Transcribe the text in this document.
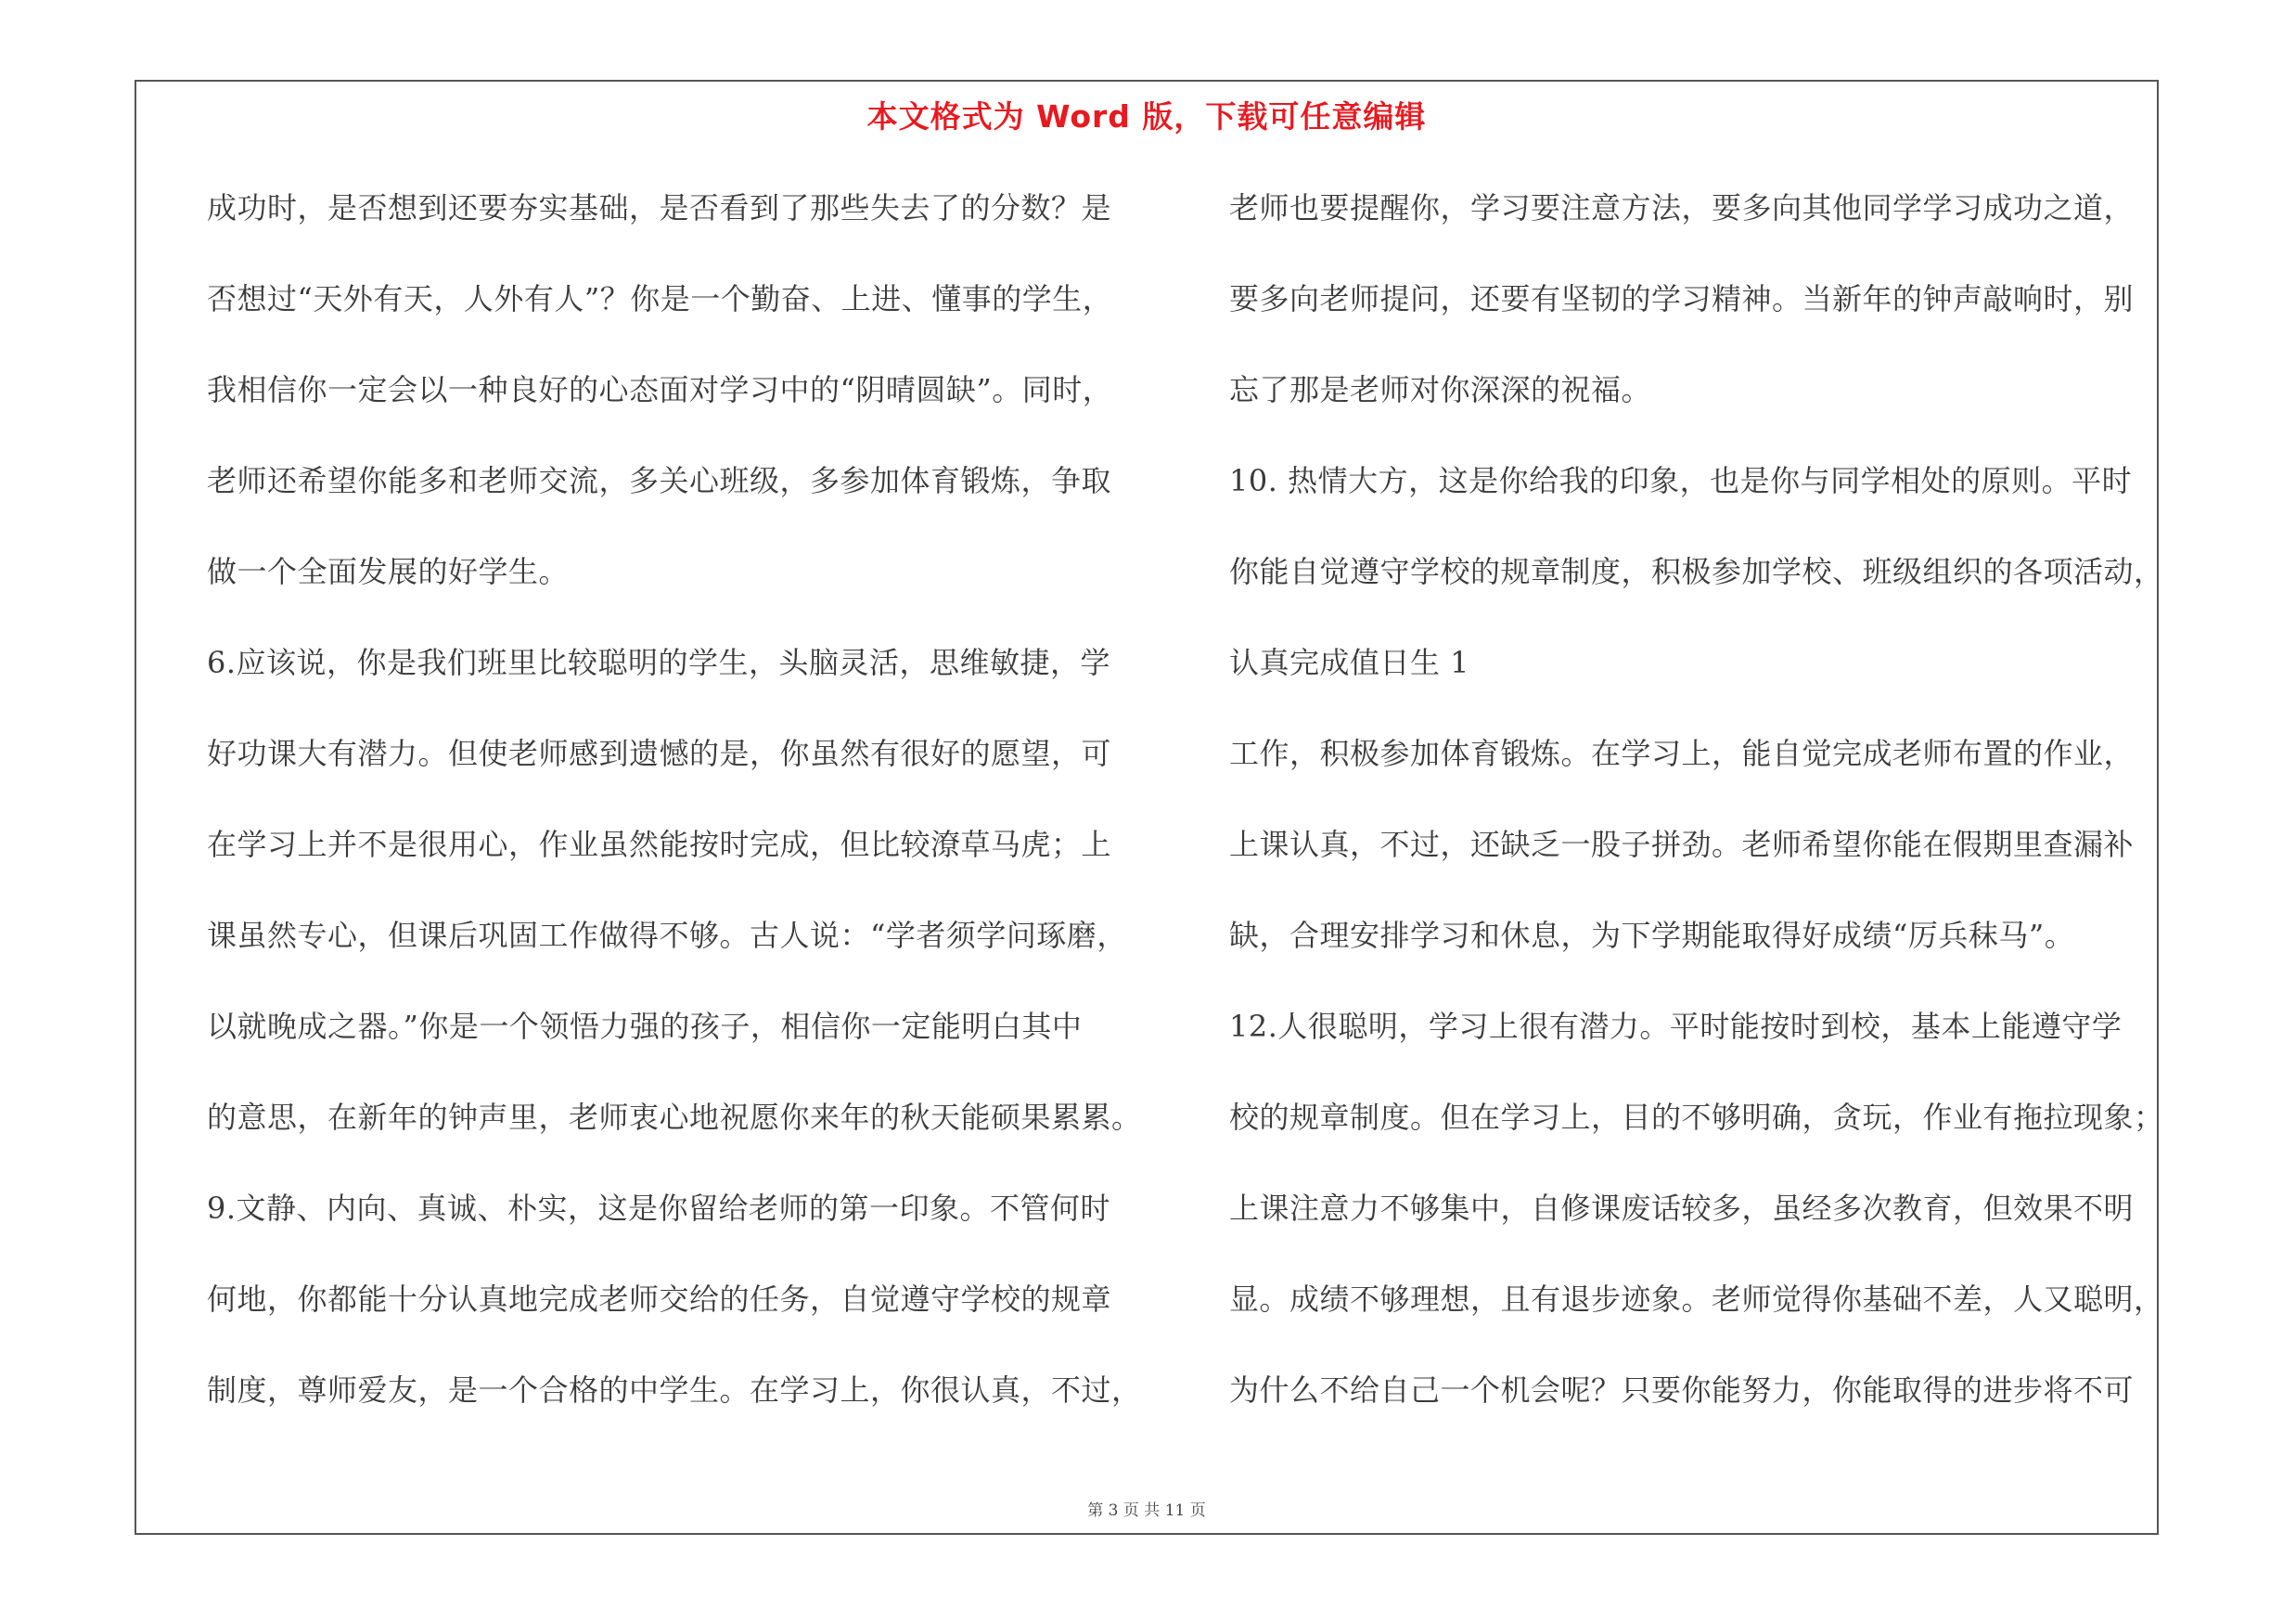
本文格式为 Word 版，下载可任意编辑
成功时，是否想到还要夯实基础，是否看到了那些失去了的分数？是
否想过“天外有天，人外有人”？你是一个勤奋、上进、懂事的学生，
我相信你一定会以一种良好的心态面对学习中的“阴晴圆缺”。同时，
老师还希望你能多和老师交流，多关心班级，多参加体育锻炼，争取
做一个全面发展的好学生。
6.应该说，你是我们班里比较聪明的学生，头脑灵活，思维敏捷，学
好功课大有潜力。但使老师感到遗憾的是，你虽然有很好的愿望，可
在学习上并不是很用心，作业虽然能按时完成，但比较潦草马虎；上
课虽然专心，但课后巩固工作做得不够。古人说：“学者须学问琢磨，
以就晚成之器。”你是一个领悟力强的孩子，相信你一定能明白其中
的意思，在新年的钟声里，老师衷心地祝愿你来年的秋天能硕果累累。
9.文静、内向、真诚、朴实，这是你留给老师的第一印象。不管何时
何地，你都能十分认真地完成老师交给的任务，自觉遵守学校的规章
制度，尊师爱友，是一个合格的中学生。在学习上，你很认真，不过，
老师也要提醒你，学习要注意方法，要多向其他同学学习成功之道，
要多向老师提问，还要有坚韧的学习精神。当新年的钟声敲响时，别
忘了那是老师对你深深的祝福。
10. 热情大方，这是你给我的印象，也是你与同学相处的原则。平时
你能自觉遵守学校的规章制度，积极参加学校、班级组织的各项活动，
认真完成值日生 1
工作，积极参加体育锻炼。在学习上，能自觉完成老师布置的作业，
上课认真，不过，还缺乏一股子拼劲。老师希望你能在假期里查漏补
缺，合理安排学习和休息，为下学期能取得好成绩“厉兵秣马”。
12.人很聪明，学习上很有潜力。平时能按时到校，基本上能遵守学
校的规章制度。但在学习上，目的不够明确，贪玩，作业有拖拉现象；
上课注意力不够集中，自修课废话较多，虽经多次教育，但效果不明
显。成绩不够理想，且有退步迹象。老师觉得你基础不差，人又聪明，
为什么不给自己一个机会呢？只要你能努力，你能取得的进步将不可
第 3 页 共 11 页
